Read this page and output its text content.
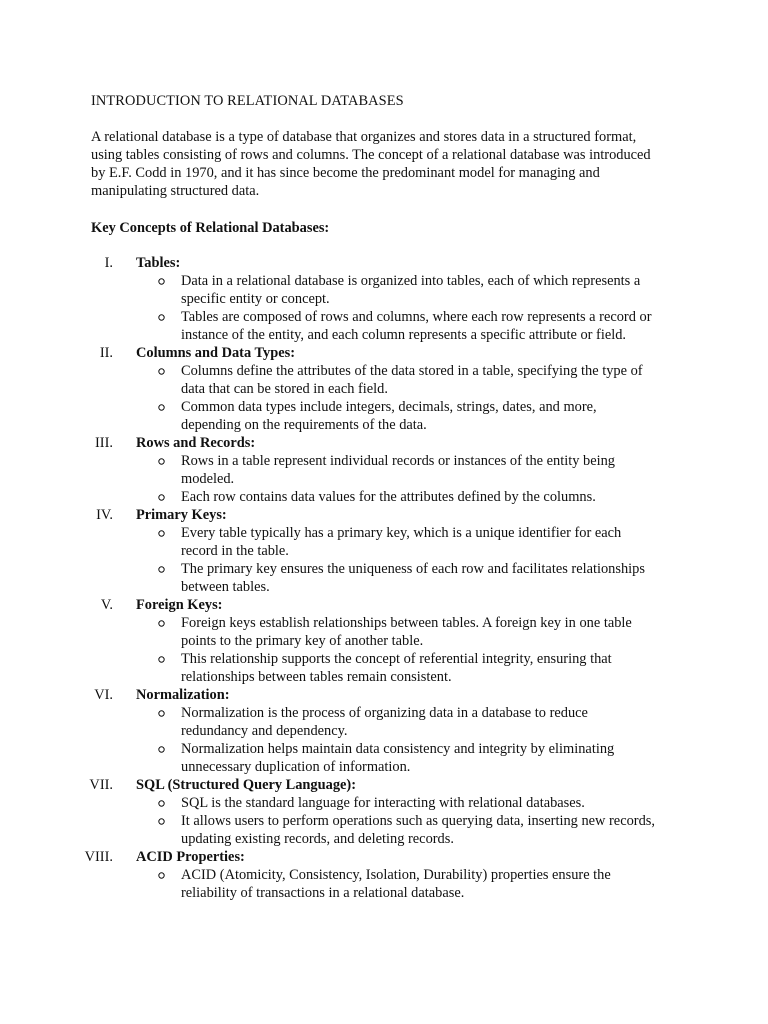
INTRODUCTION TO RELATIONAL DATABASES

A relational database is a type of database that organizes and stores data in a structured format,
using tables consisting of rows and columns. The concept of a relational database was introduced
by E.F. Codd in 1970, and it has since become the predominant model for managing and
manipulating structured data.

Key Concepts of Relational Databases:
I. Tables:
Data in a relational database is organized into tables, each of which represents a
specific entity or concept.
Tables are composed of rows and columns, where each row represents a record or
instance of the entity, and each column represents a specific attribute or field.
II. Columns and Data Types:
Columns define the attributes of the data stored in a table, specifying the type of
data that can be stored in each field.
Common data types include integers, decimals, strings, dates, and more,
depending on the requirements of the data.
III. Rows and Records:
Rows in a table represent individual records or instances of the entity being
modeled.
Each row contains data values for the attributes defined by the columns.
IV. Primary Keys:
Every table typically has a primary key, which is a unique identifier for each
record in the table.
The primary key ensures the uniqueness of each row and facilitates relationships
between tables.
V. Foreign Keys:
Foreign keys establish relationships between tables. A foreign key in one table
points to the primary key of another table.
This relationship supports the concept of referential integrity, ensuring that
relationships between tables remain consistent.
VI. Normalization:
Normalization is the process of organizing data in a database to reduce
redundancy and dependency.
Normalization helps maintain data consistency and integrity by eliminating
unnecessary duplication of information.
VII. SQL (Structured Query Language):
SQL is the standard language for interacting with relational databases.
It allows users to perform operations such as querying data, inserting new records,
updating existing records, and deleting records.
VIII. ACID Properties:
ACID (Atomicity, Consistency, Isolation, Durability) properties ensure the
reliability of transactions in a relational database.
